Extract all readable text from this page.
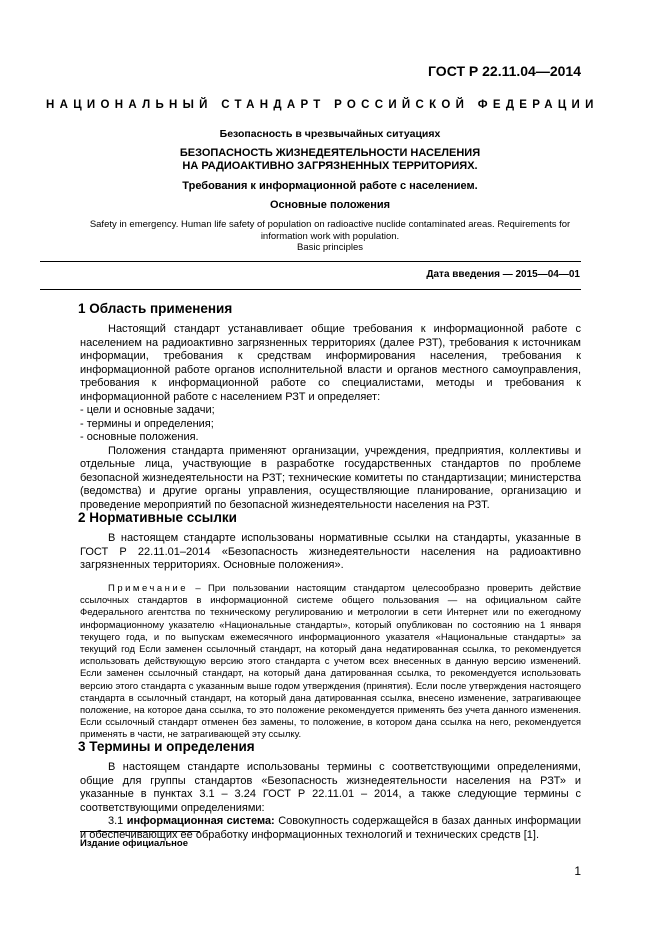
ГОСТ Р 22.11.04—2014
НАЦИОНАЛЬНЫЙ СТАНДАРТ РОССИЙСКОЙ ФЕДЕРАЦИИ
Безопасность в чрезвычайных ситуациях
БЕЗОПАСНОСТЬ ЖИЗНЕДЕЯТЕЛЬНОСТИ НАСЕЛЕНИЯ
НА РАДИОАКТИВНО ЗАГРЯЗНЕННЫХ ТЕРРИТОРИЯХ.
Требования к информационной работе с населением.
Основные положения
Safety in emergency. Human life safety of population on radioactive nuclide contaminated areas. Requirements for
information work with population.
Basic principles
Дата введения — 2015—04—01
1 Область применения

Настоящий стандарт устанавливает общие требования к информационной работе с населением на радиоактивно загрязненных территориях (далее РЗТ), требования к источникам информации, требования к средствам информирования населения, требования к информационной работе органов исполнительной власти и органов местного самоуправления, требования к информационной работе со специалистами, методы и требования к информационной работе с населением РЗТ и определяет:

- цели и основные задачи;

- термины и определения;

- основные положения.

Положения стандарта применяют организации, учреждения, предприятия, коллективы и отдельные лица, участвующие в разработке государственных стандартов по проблеме безопасной жизнедеятельности на РЗТ; технические комитеты по стандартизации; министерства (ведомства) и другие органы управления, осуществляющие планирование, организацию и проведение мероприятий по безопасной жизнедеятельности населения на РЗТ.

2 Нормативные ссылки

В настоящем стандарте использованы нормативные ссылки на стандарты, указанные в ГОСТ Р 22.11.01–2014 «Безопасность жизнедеятельности населения на радиоактивно загрязненных территориях. Основные положения».

Примечание – При пользовании настоящим стандартом целесообразно проверить действие ссылочных стандартов в информационной системе общего пользования — на официальном сайте Федерального агентства по техническому регулированию и метрологии в сети Интернет или по ежегодному информационному указателю «Национальные стандарты», который опубликован по состоянию на 1 января текущего года, и по выпускам ежемесячного информационного указателя «Национальные стандарты» за текущий год Если заменен ссылочный стандарт, на который дана недатированная ссылка, то рекомендуется использовать действующую версию этого стандарта с учетом всех внесенных в данную версию изменений. Если заменен ссылочный стандарт, на который дана датированная ссылка, то рекомендуется использовать версию этого стандарта с указанным выше годом утверждения (принятия). Если после утверждения настоящего стандарта в ссылочный стандарт, на который дана датированная ссылка, внесено изменение, затрагивающее положение, на которое дана ссылка, то это положение рекомендуется применять без учета данного изменения. Если ссылочный стандарт отменен без замены, то положение, в котором дана ссылка на него, рекомендуется применять в части, не затрагивающей эту ссылку.

3 Термины и определения

В настоящем стандарте использованы термины с соответствующими определениями, общие для группы стандартов «Безопасность жизнедеятельности населения на РЗТ» и указанные в пунктах 3.1 – 3.24 ГОСТ Р 22.11.01 – 2014, а также следующие термины с соответствующими определениями:

3.1 информационная система: Совокупность содержащейся в базах данных информации и обеспечивающих ее обработку информационных технологий и технических средств [1].

Издание официальное
1
